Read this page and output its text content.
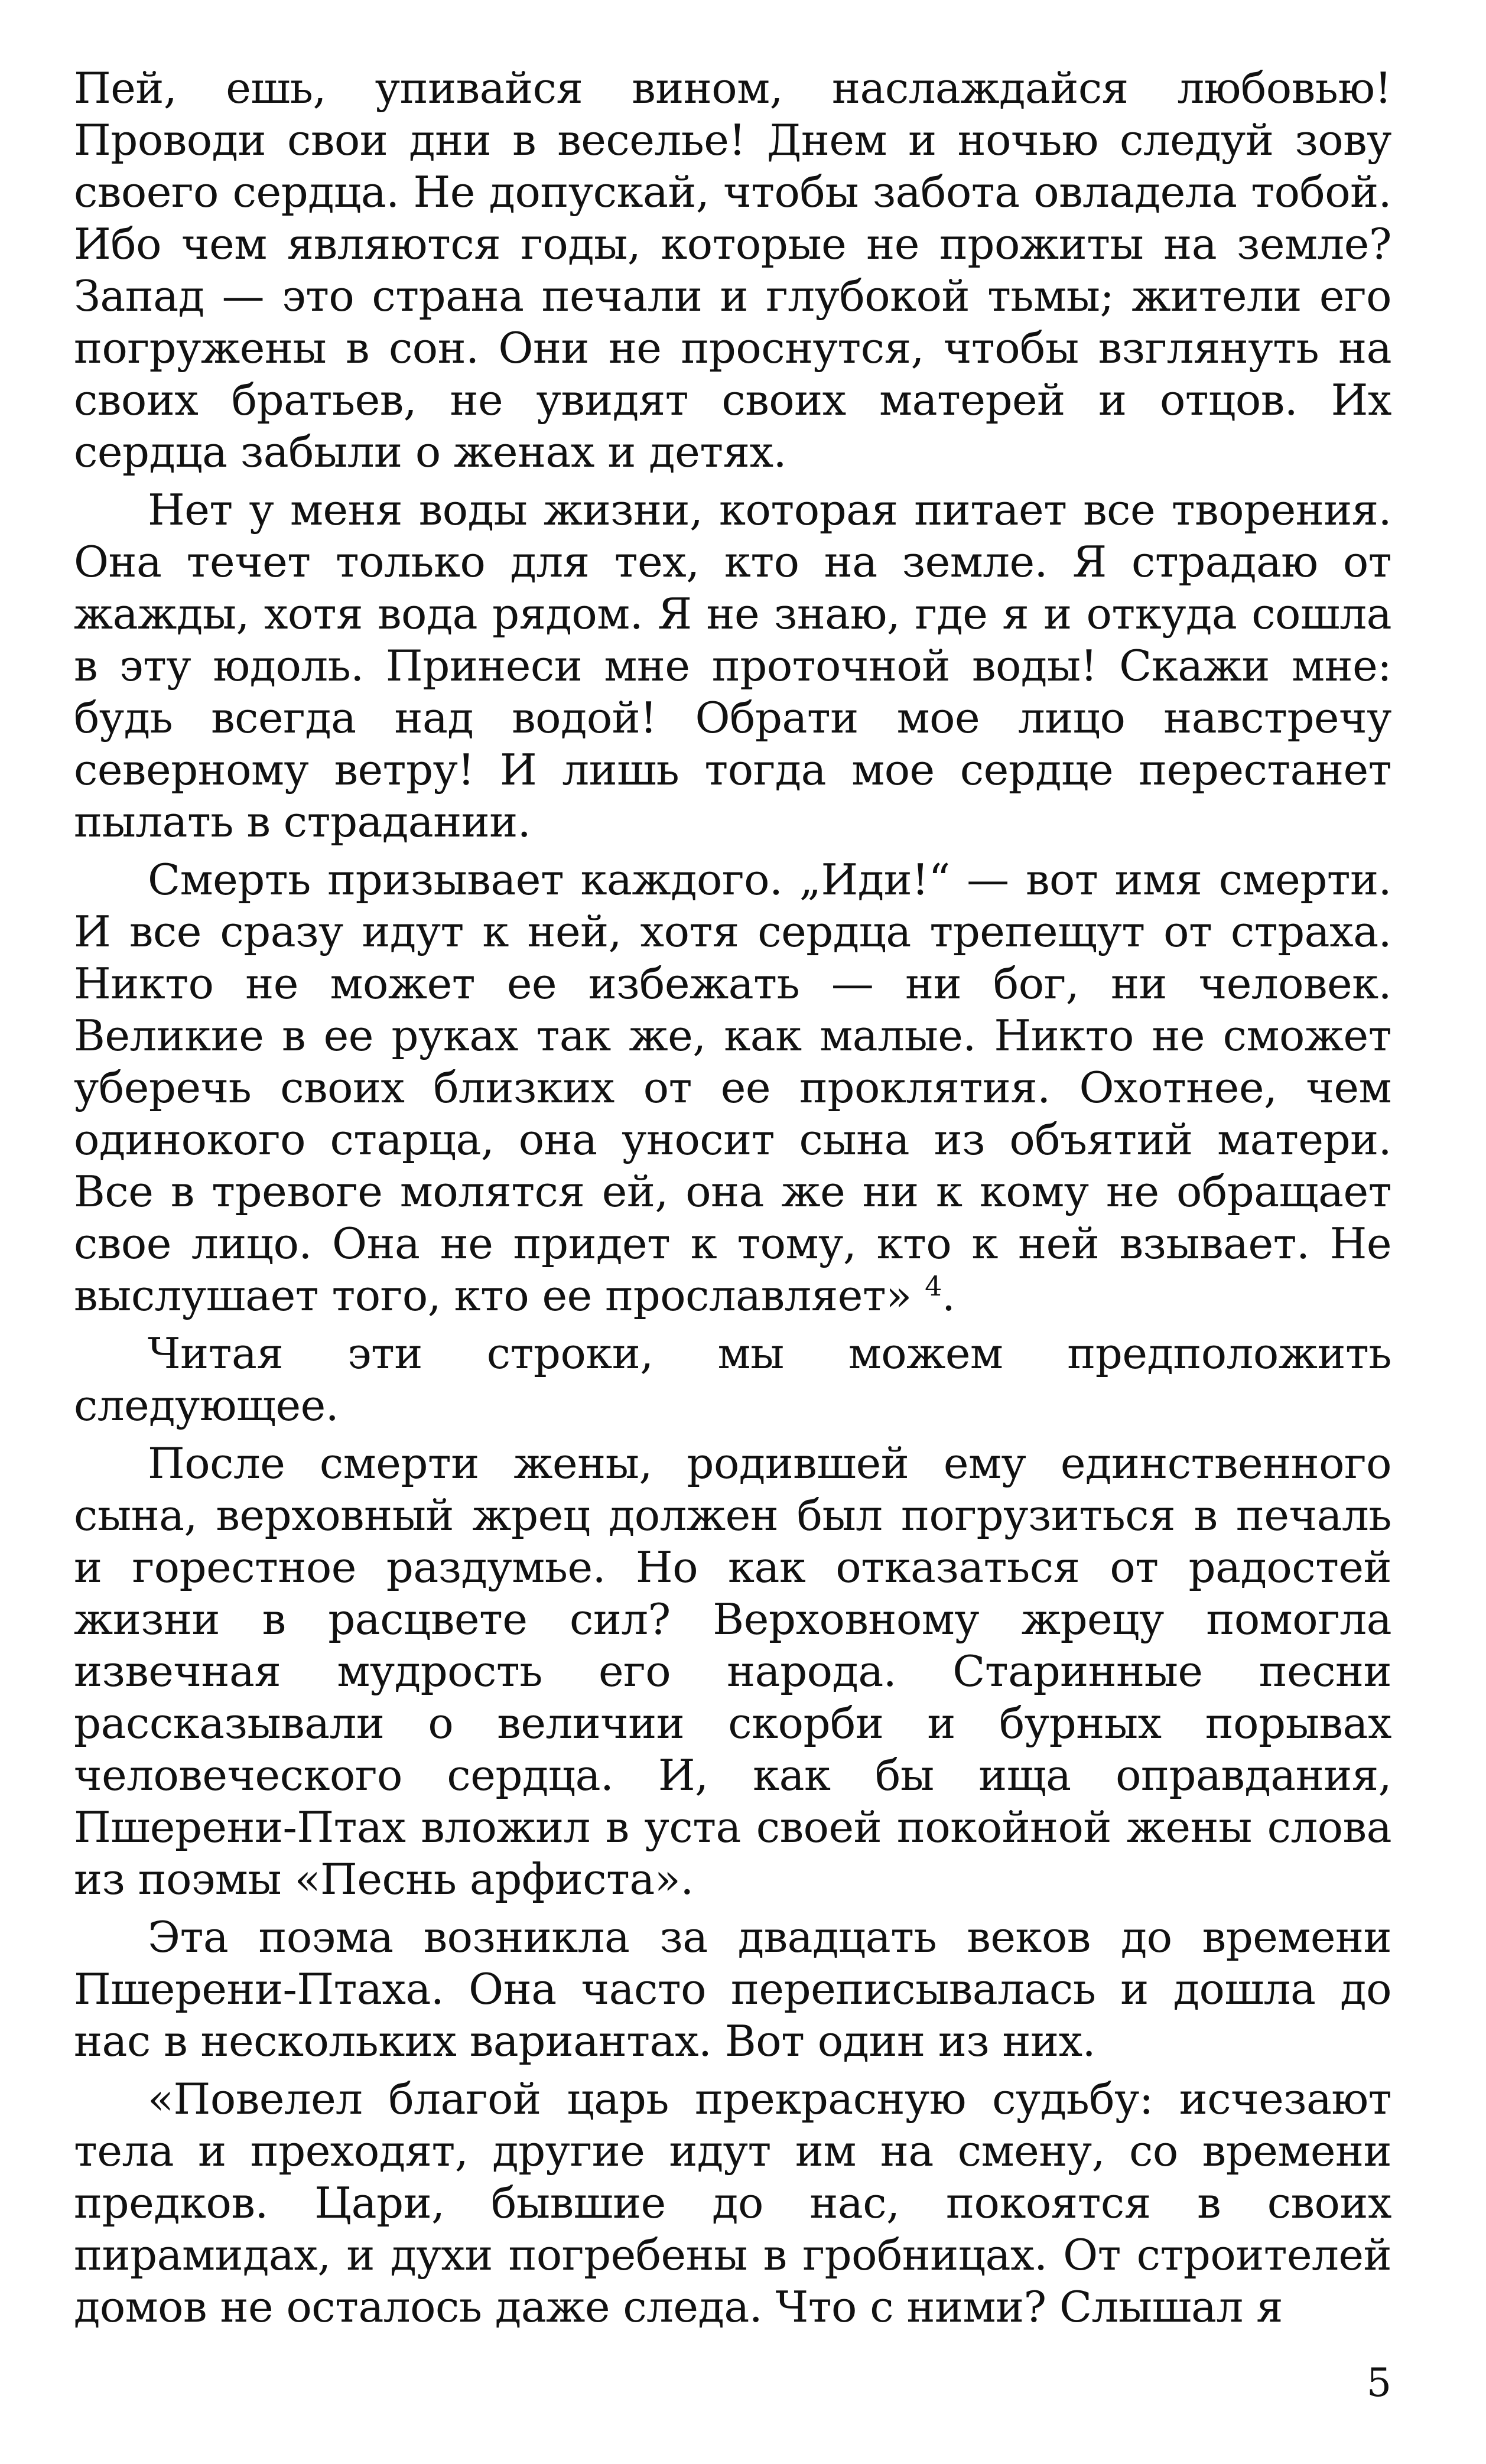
Пей, ешь, упивайся вином, наслаждайся любовью! Проводи свои дни в веселье! Днем и ночью следуй зову своего сердца. Не допускай, чтобы забота овладела тобой. Ибо чем являются годы, которые не прожиты на земле? Запад — это страна печали и глубокой тьмы; жители его погружены в сон. Они не проснутся, чтобы взглянуть на своих братьев, не увидят своих матерей и отцов. Их сердца забыли о женах и детях.

Нет у меня воды жизни, которая питает все творения. Она течет только для тех, кто на земле. Я страдаю от жажды, хотя вода рядом. Я не знаю, где я и откуда сошла в эту юдоль. Принеси мне проточной воды! Скажи мне: будь всегда над водой! Обрати мое лицо навстречу северному ветру! И лишь тогда мое сердце перестанет пылать в страдании.

Смерть призывает каждого. „Иди!“ — вот имя смерти. И все сразу идут к ней, хотя сердца трепещут от страха. Никто не может ее избежать — ни бог, ни человек. Великие в ее руках так же, как малые. Никто не сможет уберечь своих близких от ее проклятия. Охотнее, чем одинокого старца, она уносит сына из объятий матери. Все в тревоге молятся ей, она же ни к кому не обращает свое лицо. Она не придет к тому, кто к ней взывает. Не выслушает того, кто ее прославляет» $^4$.

Читая эти строки, мы можем предположить следующее.

После смерти жены, родившей ему единственного сына, верховный жрец должен был погрузиться в печаль и горестное раздумье. Но как отказаться от радостей жизни в расцвете сил? Верховному жрецу помогла извечная мудрость его народа. Старинные песни рассказывали о величии скорби и бурных порывах человеческого сердца. И, как бы ища оправдания, Пшерени-Птах вложил в уста своей покойной жены слова из поэмы «Песнь арфиста».

Эта поэма возникла за двадцать веков до времени Пшерени-Птаха. Она часто переписывалась и дошла до нас в нескольких вариантах. Вот один из них.

«Повелел благой царь прекрасную судьбу: исчезают тела и преходят, другие идут им на смену, со времени предков. Цари, бывшие до нас, покоятся в своих пирамидах, и духи погребены в гробницах. От строителей домов не осталось даже следа. Что с ними? Слышал я

5
